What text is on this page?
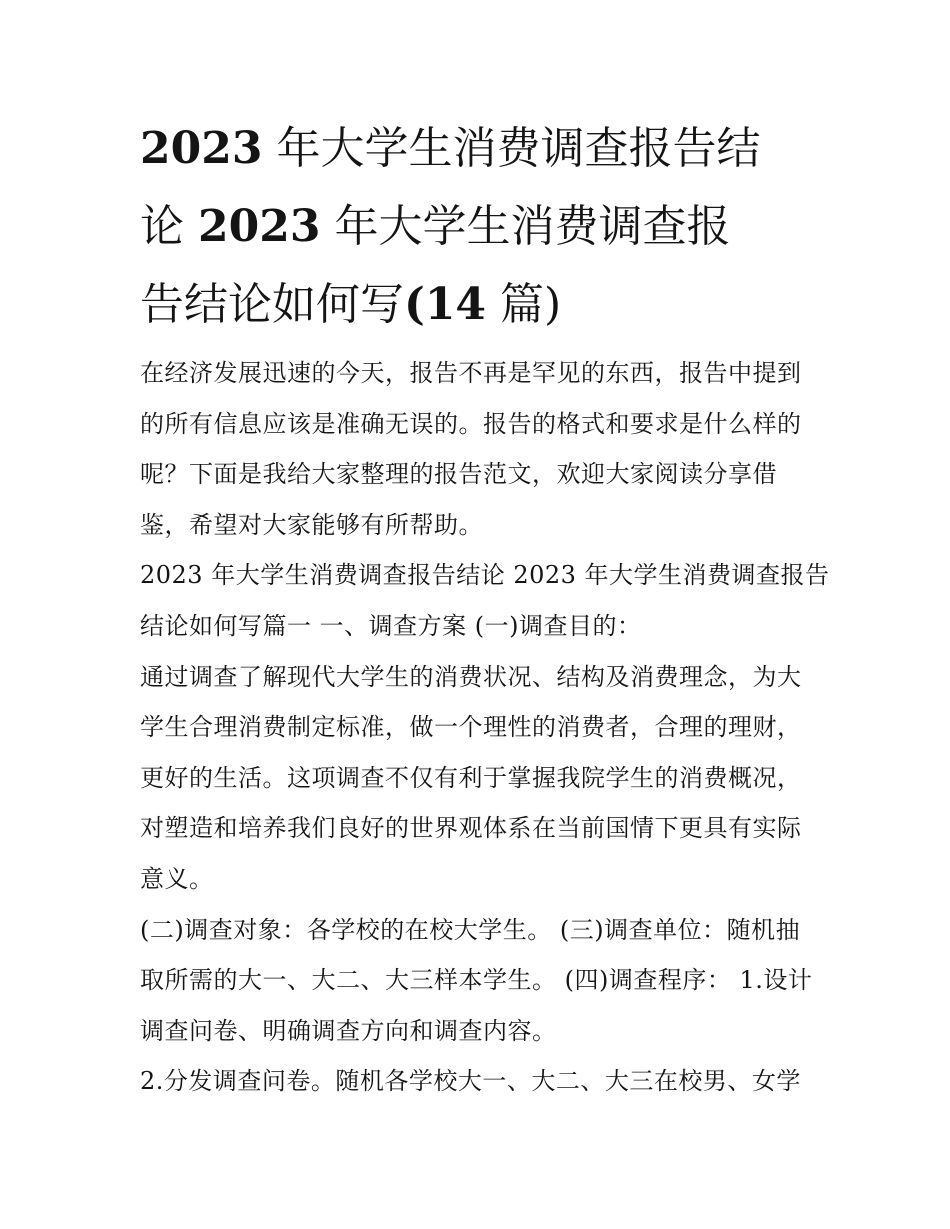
2023 年大学生消费调查报告结
论 2023 年大学生消费调查报
告结论如何写(14 篇)

在经济发展迅速的今天，报告不再是罕见的东西，报告中提到
的所有信息应该是准确无误的。报告的格式和要求是什么样的
呢？下面是我给大家整理的报告范文，欢迎大家阅读分享借
鉴，希望对大家能够有所帮助。

2023 年大学生消费调查报告结论 2023 年大学生消费调查报告
结论如何写篇一 一、调查方案 (一)调查目的：

通过调查了解现代大学生的消费状况、结构及消费理念，为大
学生合理消费制定标准，做一个理性的消费者，合理的理财，
更好的生活。这项调查不仅有利于掌握我院学生的消费概况，
对塑造和培养我们良好的世界观体系在当前国情下更具有实际
意义。

(二)调查对象：各学校的在校大学生。 (三)调查单位：随机抽
取所需的大一、大二、大三样本学生。 (四)调查程序： 1.设计
调查问卷、明确调查方向和调查内容。

2.分发调查问卷。随机各学校大一、大二、大三在校男、女学
